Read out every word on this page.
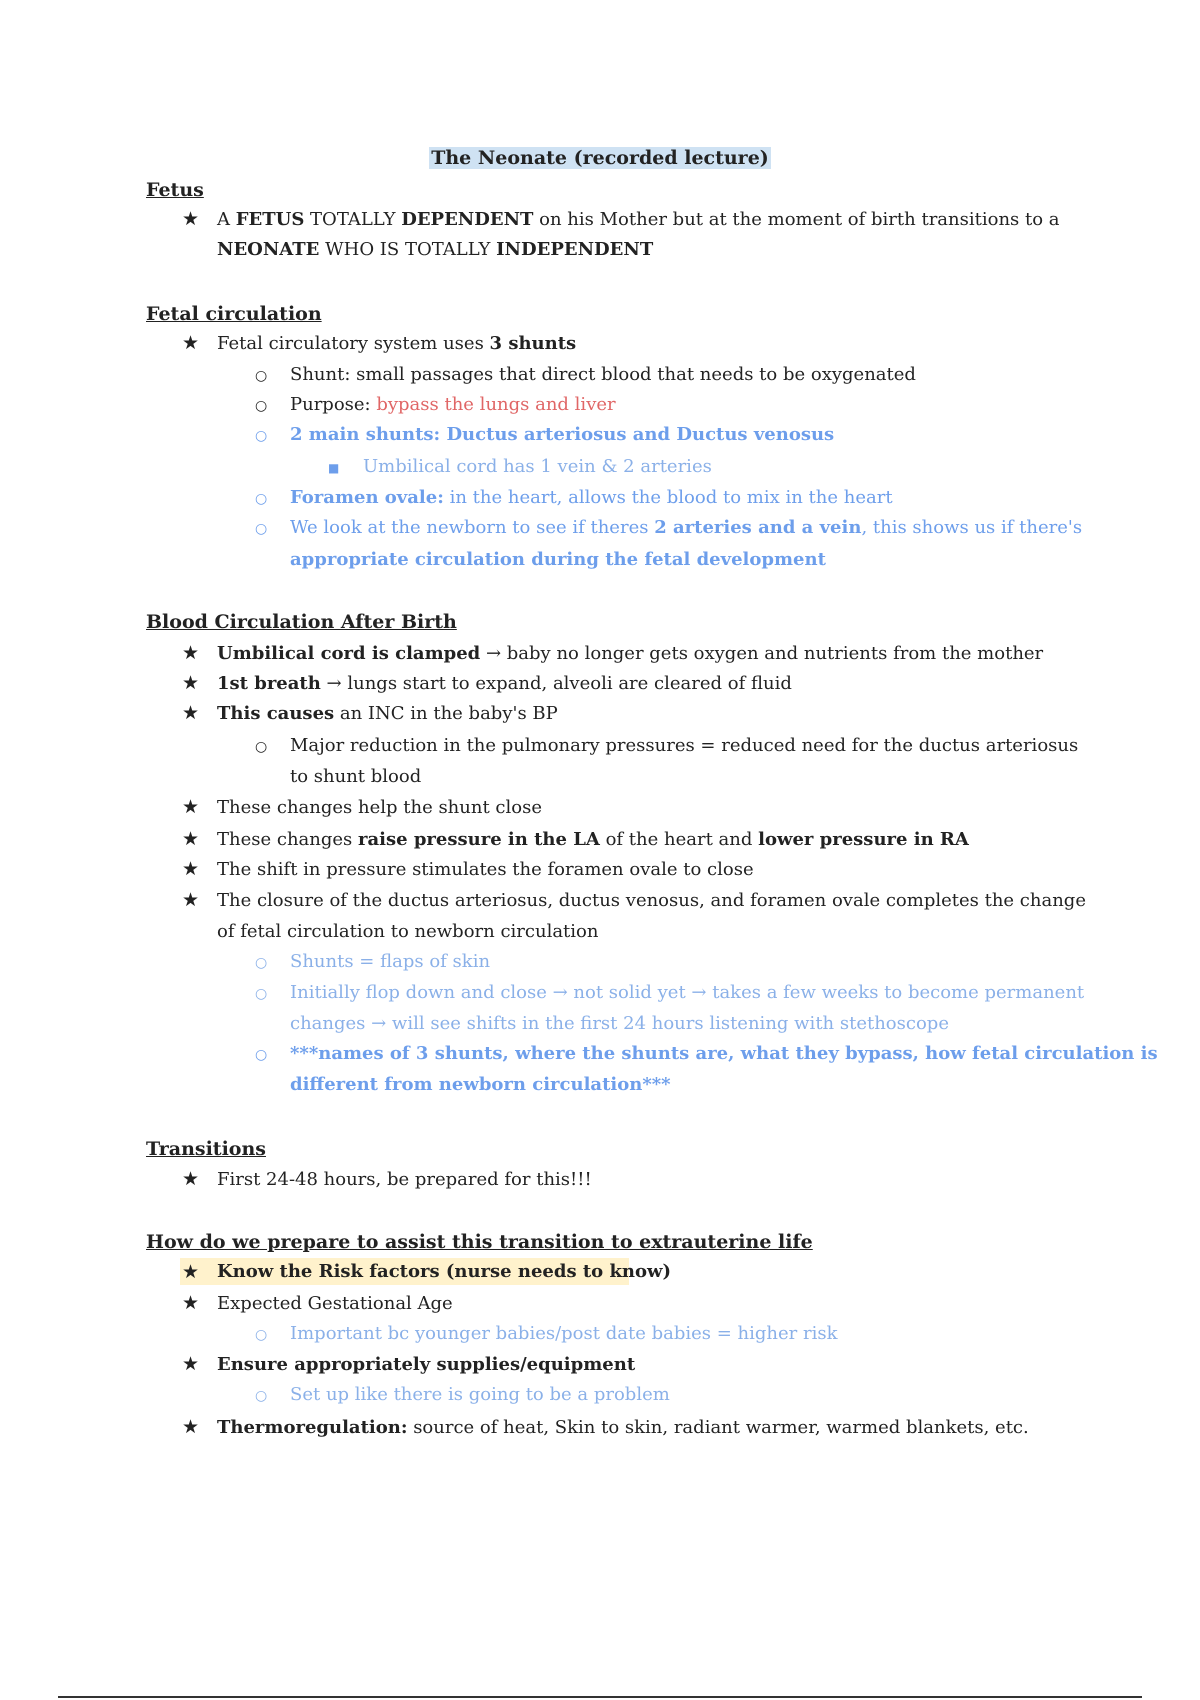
The Neonate (recorded lecture)
Fetus
★ A FETUS TOTALLY DEPENDENT on his Mother but at the moment of birth transitions to a
NEONATE WHO IS TOTALLY INDEPENDENT
Fetal circulation
★ Fetal circulatory system uses 3 shunts
○ Shunt: small passages that direct blood that needs to be oxygenated
○ Purpose: bypass the lungs and liver
○ 2 main shunts: Ductus arteriosus and Ductus venosus
■ Umbilical cord has 1 vein & 2 arteries
○ Foramen ovale: in the heart, allows the blood to mix in the heart
○ We look at the newborn to see if theres 2 arteries and a vein, this shows us if there's
appropriate circulation during the fetal development
Blood Circulation After Birth
★ Umbilical cord is clamped → baby no longer gets oxygen and nutrients from the mother
★ 1st breath → lungs start to expand, alveoli are cleared of fluid
★ This causes an INC in the baby's BP
○ Major reduction in the pulmonary pressures = reduced need for the ductus arteriosus
to shunt blood
★ These changes help the shunt close
★ These changes raise pressure in the LA of the heart and lower pressure in RA
★ The shift in pressure stimulates the foramen ovale to close
★ The closure of the ductus arteriosus, ductus venosus, and foramen ovale completes the change
of fetal circulation to newborn circulation
○ Shunts = flaps of skin
○ Initially flop down and close → not solid yet → takes a few weeks to become permanent
changes → will see shifts in the first 24 hours listening with stethoscope
○ ***names of 3 shunts, where the shunts are, what they bypass, how fetal circulation is
different from newborn circulation***
Transitions
★ First 24-48 hours, be prepared for this!!!
How do we prepare to assist this transition to extrauterine life
★ Know the Risk factors (nurse needs to know)
★ Expected Gestational Age
○ Important bc younger babies/post date babies = higher risk
★ Ensure appropriately supplies/equipment
○ Set up like there is going to be a problem
★ Thermoregulation: source of heat, Skin to skin, radiant warmer, warmed blankets, etc.
